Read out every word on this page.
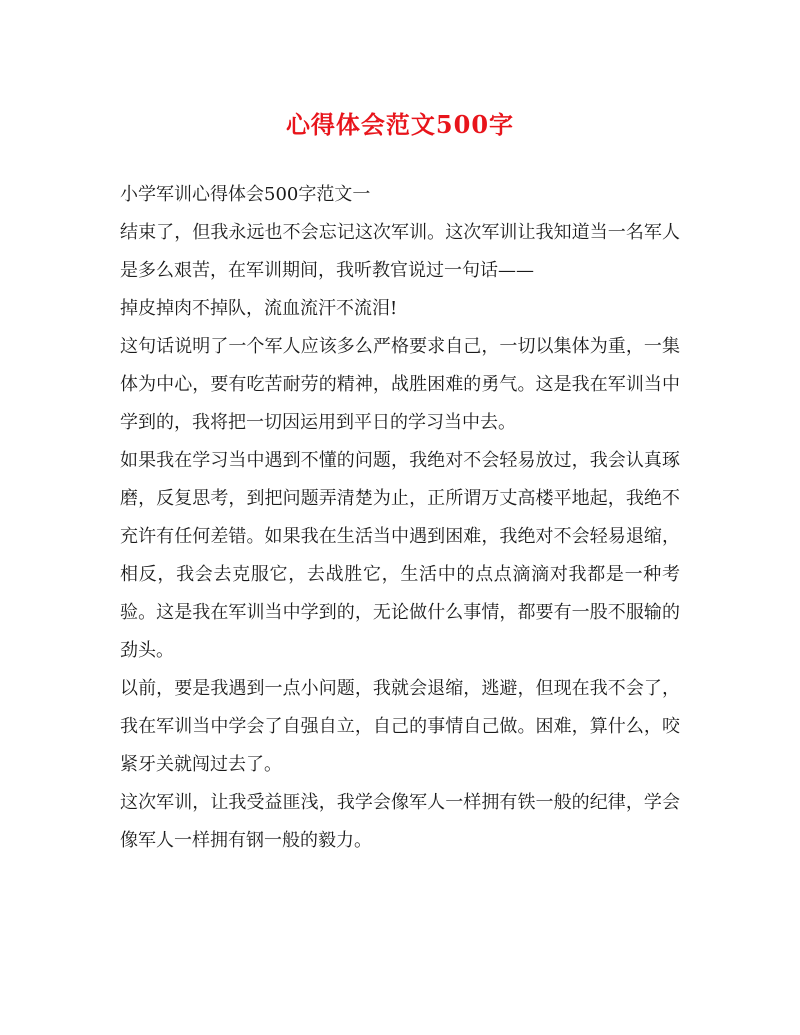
心得体会范文500字

小学军训心得体会500字范文一

结束了，但我永远也不会忘记这次军训。这次军训让我知道当一名军人是多么艰苦，在军训期间，我听教官说过一句话——

掉皮掉肉不掉队，流血流汗不流泪!

这句话说明了一个军人应该多么严格要求自己，一切以集体为重，一集体为中心，要有吃苦耐劳的精神，战胜困难的勇气。这是我在军训当中学到的，我将把一切因运用到平日的学习当中去。

如果我在学习当中遇到不懂的问题，我绝对不会轻易放过，我会认真琢磨，反复思考，到把问题弄清楚为止，正所谓万丈高楼平地起，我绝不充许有任何差错。如果我在生活当中遇到困难，我绝对不会轻易退缩，相反，我会去克服它，去战胜它，生活中的点点滴滴对我都是一种考验。这是我在军训当中学到的，无论做什么事情，都要有一股不服输的劲头。

以前，要是我遇到一点小问题，我就会退缩，逃避，但现在我不会了，我在军训当中学会了自强自立，自己的事情自己做。困难，算什么，咬紧牙关就闯过去了。

这次军训，让我受益匪浅，我学会像军人一样拥有铁一般的纪律，学会像军人一样拥有钢一般的毅力。
